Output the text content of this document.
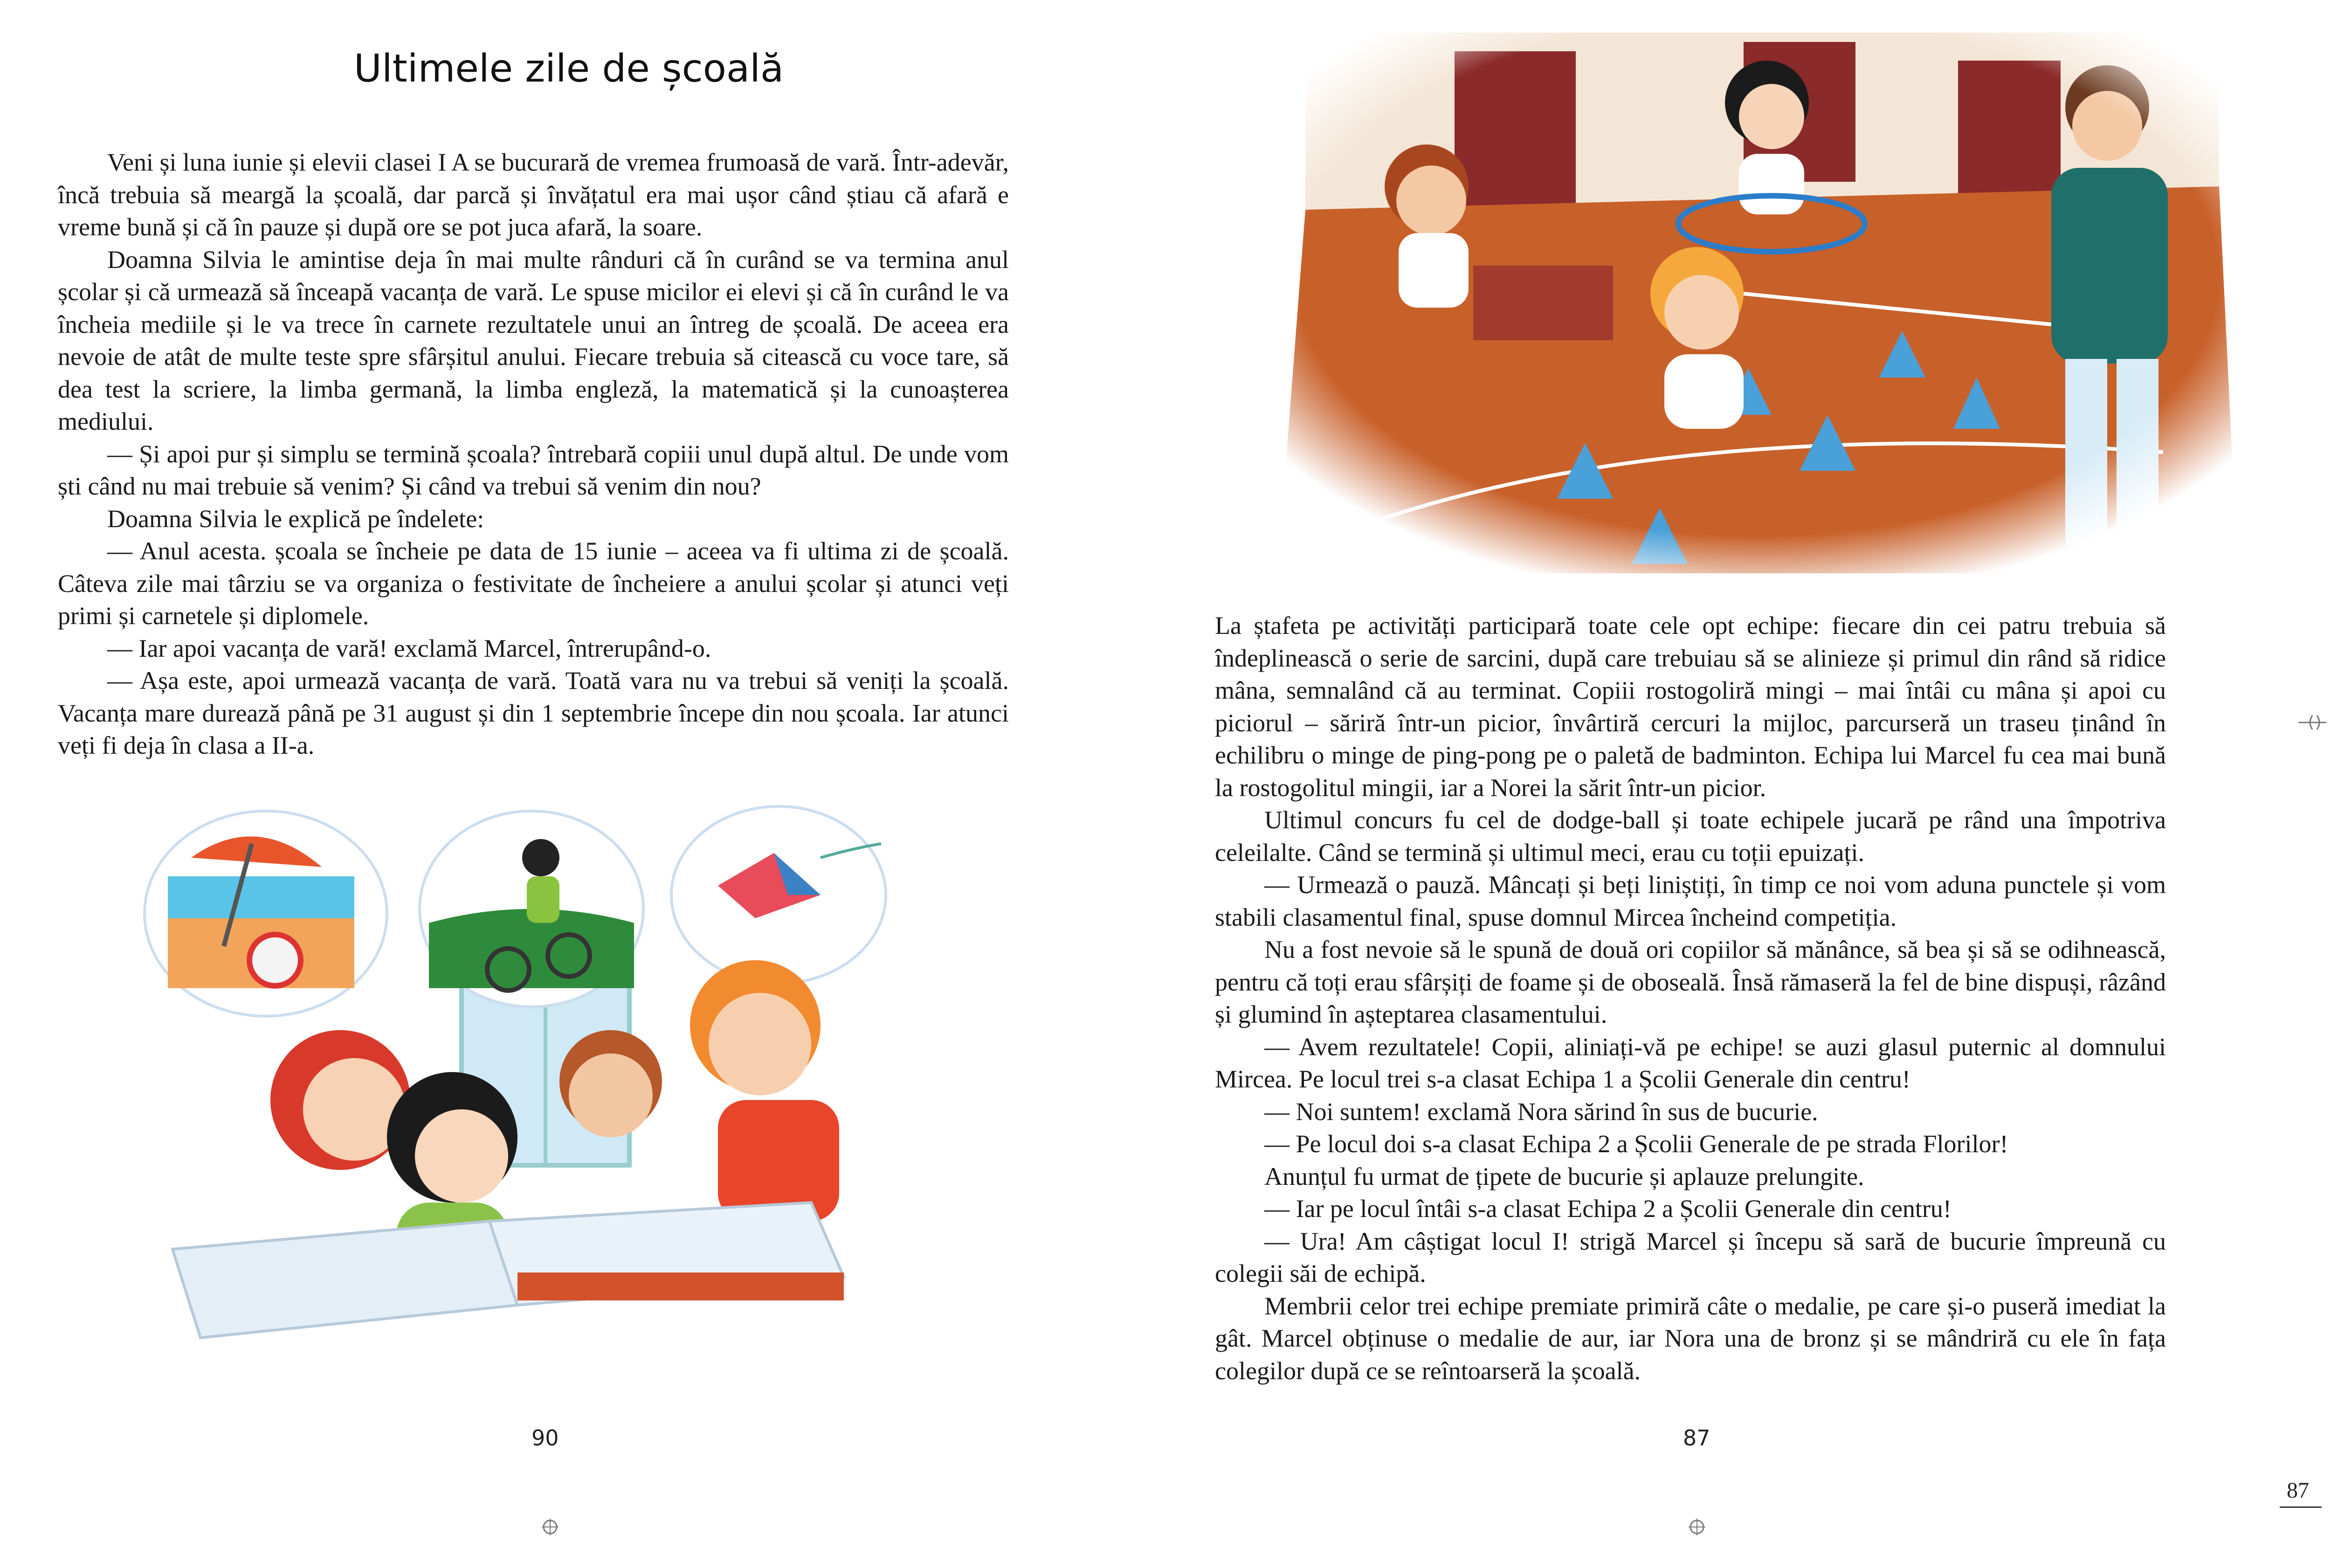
Ultimele zile de școală

Veni și luna iunie și elevii clasei I A se bucurară de vremea frumoasă de vară. Într-adevăr, încă trebuia să meargă la școală, dar parcă și învățatul era mai ușor când știau că afară e vreme bună și că în pauze și după ore se pot juca afară, la soare.

Doamna Silvia le amintise deja în mai multe rânduri că în curând se va termina anul școlar și că urmează să înceapă vacanța de vară. Le spuse micilor ei elevi și că în curând le va încheia mediile și le va trece în carnete rezultatele unui an întreg de școală. De aceea era nevoie de atât de multe teste spre sfârșitul anului. Fiecare trebuia să citească cu voce tare, să dea test la scriere, la limba germană, la limba engleză, la matematică și la cunoașterea mediului.

— Și apoi pur și simplu se termină școala? întrebară copiii unul după altul. De unde vom ști când nu mai trebuie să venim? Și când va trebui să venim din nou?

Doamna Silvia le explică pe îndelete:

— Anul acesta. școala se încheie pe data de 15 iunie – aceea va fi ultima zi de școală. Câteva zile mai târziu se va organiza o festivitate de încheiere a anului școlar și atunci veți primi și carnetele și diplomele.

— Iar apoi vacanța de vară! exclamă Marcel, întrerupând-o.

— Așa este, apoi urmează vacanța de vară. Toată vara nu va trebui să veniți la școală. Vacanța mare durează până pe 31 august și din 1 septembrie începe din nou școala. Iar atunci veți fi deja în clasa a II-a.

90

La ștafeta pe activități participară toate cele opt echipe: fiecare din cei patru trebuia să îndeplinească o serie de sarcini, după care trebuiau să se alinieze și primul din rând să ridice mâna, semnalând că au terminat. Copiii rostogoliră mingi – mai întâi cu mâna și apoi cu piciorul – săriră într-un picior, învârtiră cercuri la mijloc, parcurseră un traseu ținând în echilibru o minge de ping-pong pe o paletă de badminton. Echipa lui Marcel fu cea mai bună la rostogolitul mingii, iar a Norei la sărit într-un picior.

Ultimul concurs fu cel de dodge-ball și toate echipele jucară pe rând una împotriva celeilalte. Când se termină și ultimul meci, erau cu toții epuizați.

— Urmează o pauză. Mâncați și beți liniștiți, în timp ce noi vom aduna punctele și vom stabili clasamentul final, spuse domnul Mircea încheind competiția.

Nu a fost nevoie să le spună de două ori copiilor să mănânce, să bea și să se odihnească, pentru că toți erau sfârșiți de foame și de oboseală. Însă rămaseră la fel de bine dispuși, râzând și glumind în așteptarea clasamentului.

— Avem rezultatele! Copii, aliniați-vă pe echipe! se auzi glasul puternic al domnului Mircea. Pe locul trei s-a clasat Echipa 1 a Școlii Generale din centru!

— Noi suntem! exclamă Nora sărind în sus de bucurie.

— Pe locul doi s-a clasat Echipa 2 a Școlii Generale de pe strada Florilor!

Anunțul fu urmat de țipete de bucurie și aplauze prelungite.

— Iar pe locul întâi s-a clasat Echipa 2 a Școlii Generale din centru!

— Ura! Am câștigat locul I! strigă Marcel și începu să sară de bucurie împreună cu colegii săi de echipă.

Membrii celor trei echipe premiate primiră câte o medalie, pe care și-o puseră imediat la gât. Marcel obținuse o medalie de aur, iar Nora una de bronz și se mândriră cu ele în fața colegilor după ce se reîntoarseră la școală.

87
87
